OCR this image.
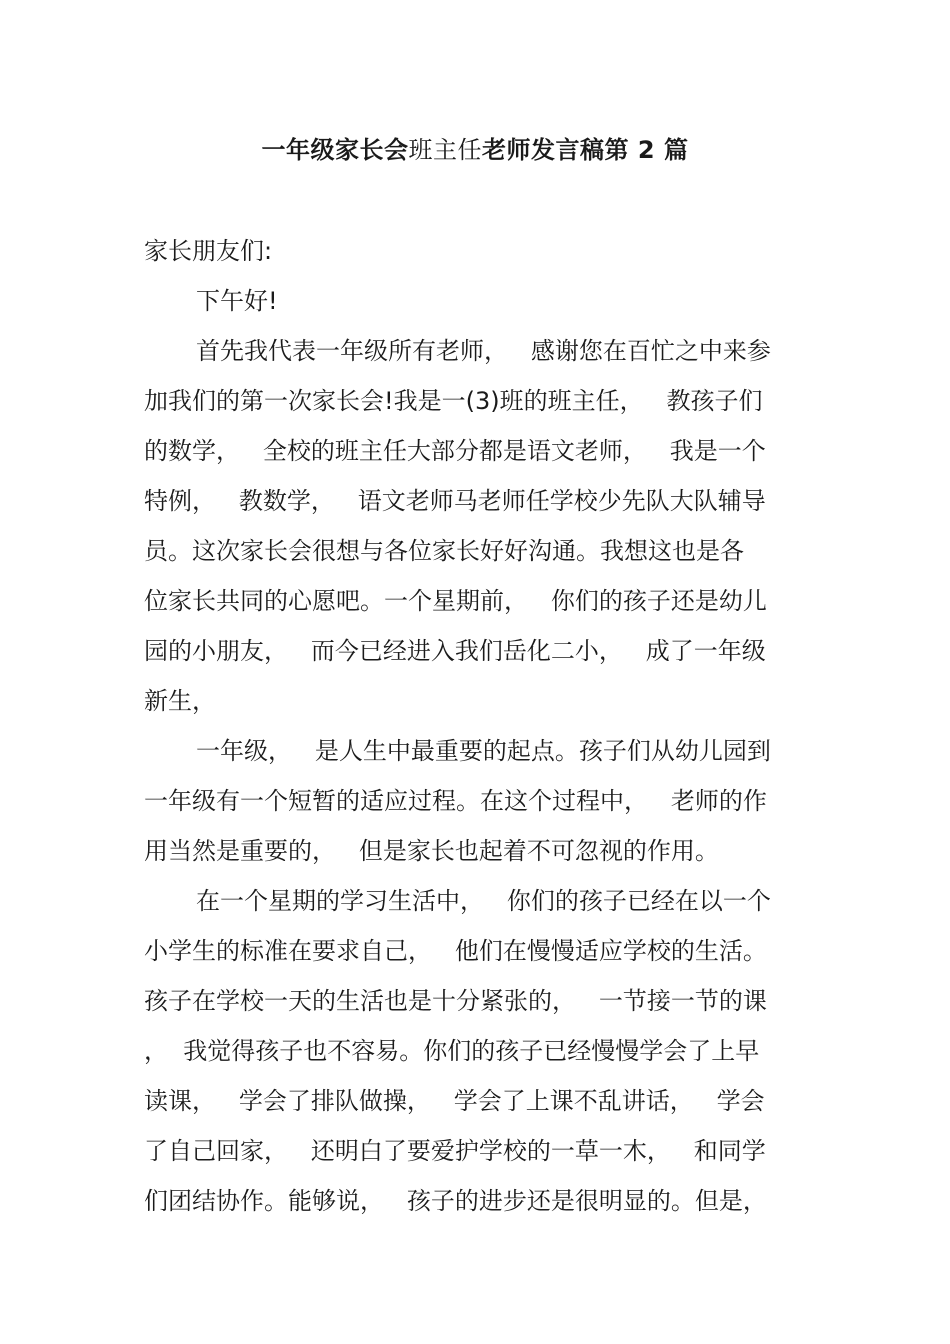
一年级家长会班主任老师发言稿第 2 篇
家长朋友们:
下午好!
首先我代表一年级所有老师，   感谢您在百忙之中来参
加我们的第一次家长会!我是一(3)班的班主任，   教孩子们
的数学，   全校的班主任大部分都是语文老师，   我是一个
特例，   教数学，   语文老师马老师任学校少先队大队辅导
员。这次家长会很想与各位家长好好沟通。我想这也是各
位家长共同的心愿吧。一个星期前，   你们的孩子还是幼儿
园的小朋友，   而今已经进入我们岳化二小，   成了一年级
新生，
一年级，   是人生中最重要的起点。孩子们从幼儿园到
一年级有一个短暂的适应过程。在这个过程中，   老师的作
用当然是重要的，   但是家长也起着不可忽视的作用。
在一个星期的学习生活中，   你们的孩子已经在以一个
小学生的标准在要求自己，   他们在慢慢适应学校的生活。
孩子在学校一天的生活也是十分紧张的，   一节接一节的课
，  我觉得孩子也不容易。你们的孩子已经慢慢学会了上早
读课，   学会了排队做操，   学会了上课不乱讲话，   学会
了自己回家，   还明白了要爱护学校的一草一木，   和同学
们团结协作。能够说，   孩子的进步还是很明显的。但是，
